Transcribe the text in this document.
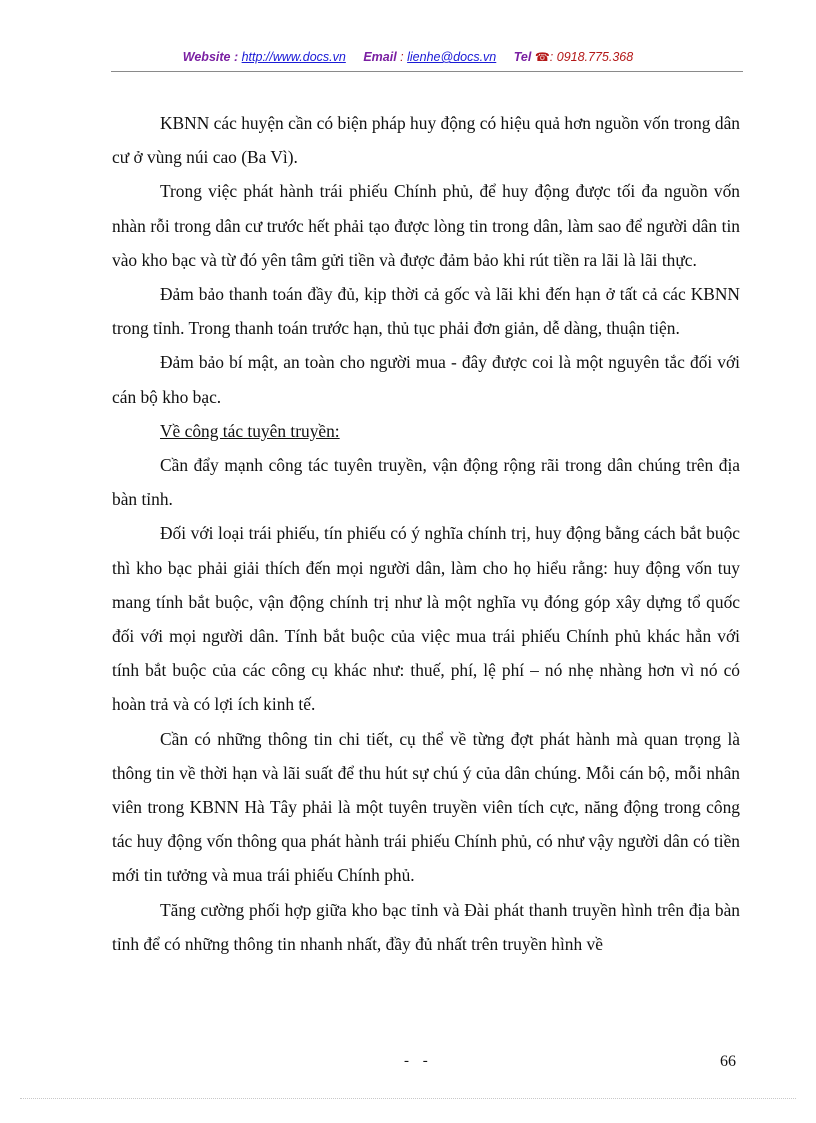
Website : http://www.docs.vn Email : lienhe@docs.vn Tel ☎: 0918.775.368

KBNN các huyện cần có biện pháp huy động có hiệu quả hơn nguồn vốn trong dân cư ở vùng núi cao (Ba Vì).

Trong việc phát hành trái phiếu Chính phủ, để huy động được tối đa nguồn vốn nhàn rỗi trong dân cư trước hết phải tạo được lòng tin trong dân, làm sao để người dân tin vào kho bạc và từ đó yên tâm gửi tiền và được đảm bảo khi rút tiền ra lãi là lãi thực.

Đảm bảo thanh toán đầy đủ, kịp thời cả gốc và lãi khi đến hạn ở tất cả các KBNN trong tỉnh. Trong thanh toán trước hạn, thủ tục phải đơn giản, dễ dàng, thuận tiện.

Đảm bảo bí mật, an toàn cho người mua - đây được coi là một nguyên tắc đối với cán bộ kho bạc.

Về công tác tuyên truyền:

Cần đẩy mạnh công tác tuyên truyền, vận động rộng rãi trong dân chúng trên địa bàn tỉnh.

Đối với loại trái phiếu, tín phiếu có ý nghĩa chính trị, huy động bằng cách bắt buộc thì kho bạc phải giải thích đến mọi người dân, làm cho họ hiểu rằng: huy động vốn tuy mang tính bắt buộc, vận động chính trị như là một nghĩa vụ đóng góp xây dựng tổ quốc đối với mọi người dân. Tính bắt buộc của việc mua trái phiếu Chính phủ khác hẳn với tính bắt buộc của các công cụ khác như: thuế, phí, lệ phí – nó nhẹ nhàng hơn vì nó có hoàn trả và có lợi ích kinh tế.

Cần có những thông tin chi tiết, cụ thể về từng đợt phát hành mà quan trọng là thông tin về thời hạn và lãi suất để thu hút sự chú ý của dân chúng. Mỗi cán bộ, mỗi nhân viên trong KBNN Hà Tây phải là một tuyên truyền viên tích cực, năng động trong công tác huy động vốn thông qua phát hành trái phiếu Chính phủ, có như vậy người dân có tiền mới tin tưởng và mua trái phiếu Chính phủ.

Tăng cường phối hợp giữa kho bạc tỉnh và Đài phát thanh truyền hình trên địa bàn tỉnh để có những thông tin nhanh nhất, đầy đủ nhất trên truyền hình về

- -	66
